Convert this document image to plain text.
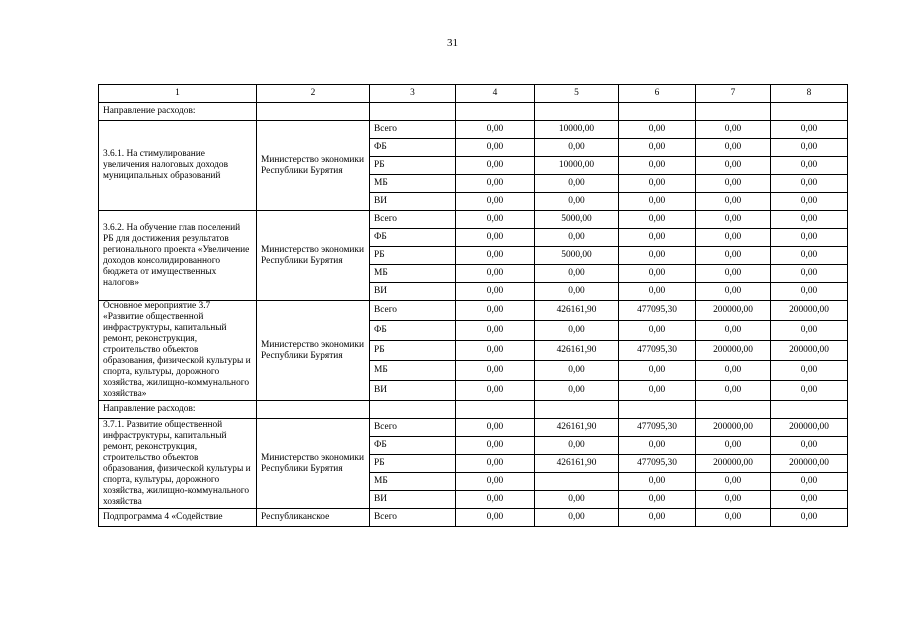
31
1	2	3	4	5	6	7	8
Направление расходов:							
3.6.1. На стимулирование увеличения налоговых доходов муниципальных образований	Министерство экономики Республики Бурятия	Всего	0,00	10000,00	0,00	0,00	0,00
		ФБ	0,00	0,00	0,00	0,00	0,00
		РБ	0,00	10000,00	0,00	0,00	0,00
		МБ	0,00	0,00	0,00	0,00	0,00
		ВИ	0,00	0,00	0,00	0,00	0,00
3.6.2. На обучение глав поселений РБ для достижения результатов регионального проекта «Увеличение доходов консолидированного бюджета от имущественных налогов»	Министерство экономики Республики Бурятия	Всего	0,00	5000,00	0,00	0,00	0,00
		ФБ	0,00	0,00	0,00	0,00	0,00
		РБ	0,00	5000,00	0,00	0,00	0,00
		МБ	0,00	0,00	0,00	0,00	0,00
		ВИ	0,00	0,00	0,00	0,00	0,00
Основное мероприятие 3.7 «Развитие общественной инфраструктуры, капитальный ремонт, реконструкция, строительство объектов образования, физической культуры и спорта, культуры, дорожного хозяйства, жилищно-коммунального хозяйства»	Министерство экономики Республики Бурятия	Всего	0,00	426161,90	477095,30	200000,00	200000,00
		ФБ	0,00	0,00	0,00	0,00	0,00
		РБ	0,00	426161,90	477095,30	200000,00	200000,00
		МБ	0,00	0,00	0,00	0,00	0,00
		ВИ	0,00	0,00	0,00	0,00	0,00
Направление расходов:							
3.7.1. Развитие общественной инфраструктуры, капитальный ремонт, реконструкция, строительство объектов образования, физической культуры и спорта, культуры, дорожного хозяйства, жилищно-коммунального хозяйства	Министерство экономики Республики Бурятия	Всего	0,00	426161,90	477095,30	200000,00	200000,00
		ФБ	0,00	0,00	0,00	0,00	0,00
		РБ	0,00	426161,90	477095,30	200000,00	200000,00
		МБ	0,00		0,00	0,00	0,00
		ВИ	0,00	0,00	0,00	0,00	0,00
Подпрограмма 4 «Содействие	Республиканское	Всего	0,00	0,00	0,00	0,00	0,00
